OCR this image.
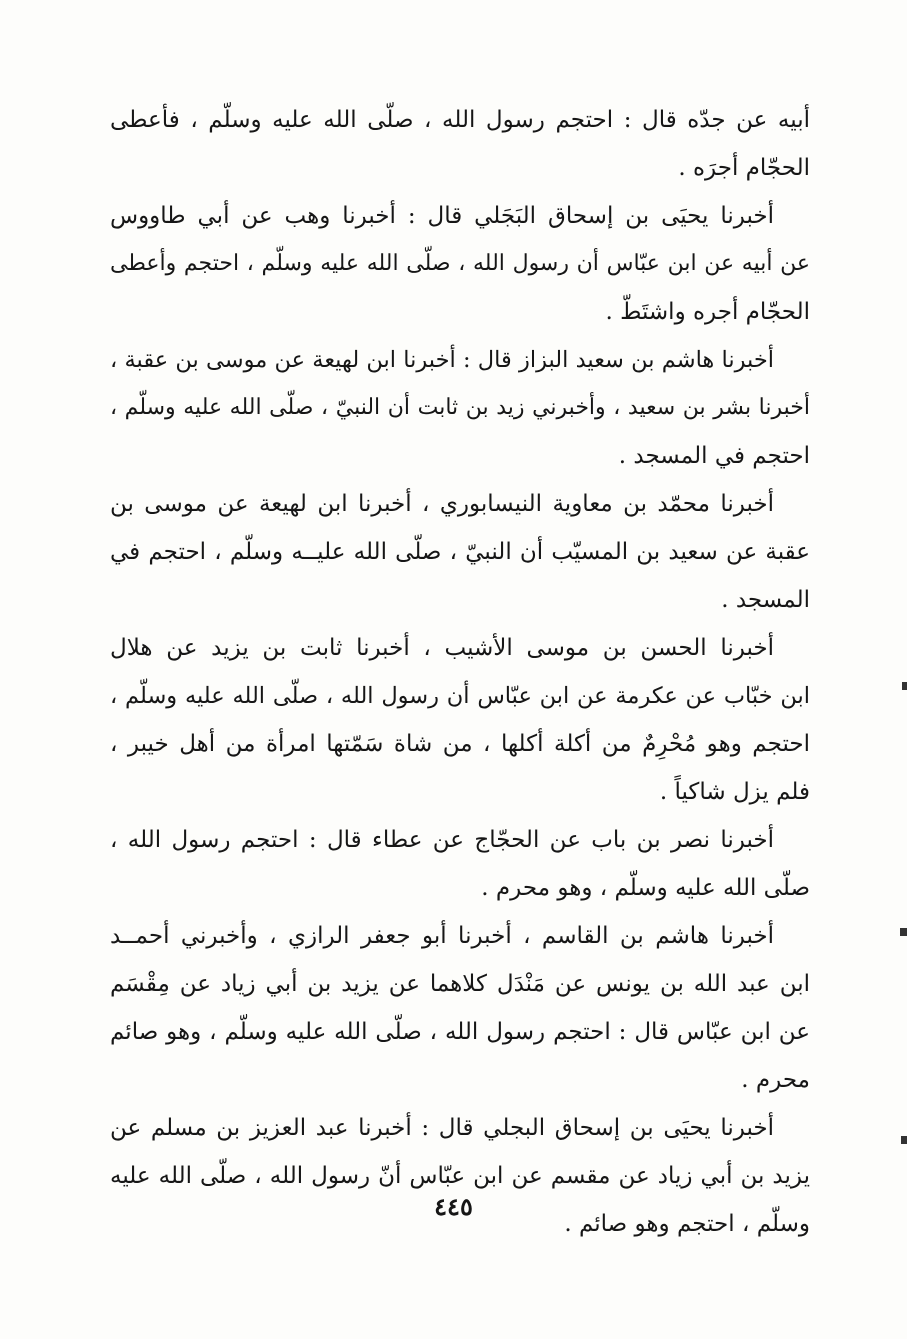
أبيه عن جدّه قال : احتجم رسول الله ، صلّى الله عليه وسلّم ، فأعطى
الحجّام أجرَه .
أخبرنا يحيَى بن إسحاق البَجَلي قال : أخبرنا وهب عن أبي طاووس
عن أبيه عن ابن عبّاس أن رسول الله ، صلّى الله عليه وسلّم ، احتجم وأعطى
الحجّام أجره واشتَطّ .
أخبرنا هاشم بن سعيد البزاز قال : أخبرنا ابن لهيعة عن موسى بن عقبة ،
أخبرنا بشر بن سعيد ، وأخبرني زيد بن ثابت أن النبيّ ، صلّى الله عليه وسلّم ،
احتجم في المسجد .
أخبرنا محمّد بن معاوية النيسابوري ، أخبرنا ابن لهيعة عن موسى بن
عقبة عن سعيد بن المسيّب أن النبيّ ، صلّى الله عليــه وسلّم ، احتجم في
المسجد .
أخبرنا الحسن بن موسى الأشيب ، أخبرنا ثابت بن يزيد عن هلال
ابن خبّاب عن عكرمة عن ابن عبّاس أن رسول الله ، صلّى الله عليه وسلّم ،
احتجم وهو مُحْرِمٌ من أكلة أكلها ، من شاة سَمّتها امرأة من أهل خيبر ،
فلم يزل شاكياً .
أخبرنا نصر بن باب عن الحجّاج عن عطاء قال : احتجم رسول الله ،
صلّى الله عليه وسلّم ، وهو محرم .
أخبرنا هاشم بن القاسم ، أخبرنا أبو جعفر الرازي ، وأخبرني أحمــد
ابن عبد الله بن يونس عن مَنْدَل كلاهما عن يزيد بن أبي زياد عن مِقْسَم
عن ابن عبّاس قال : احتجم رسول الله ، صلّى الله عليه وسلّم ، وهو صائم
محرم .
أخبرنا يحيَى بن إسحاق البجلي قال : أخبرنا عبد العزيز بن مسلم عن
يزيد بن أبي زياد عن مقسم عن ابن عبّاس أنّ رسول الله ، صلّى الله عليه
وسلّم ، احتجم وهو صائم .
٤٤٥
